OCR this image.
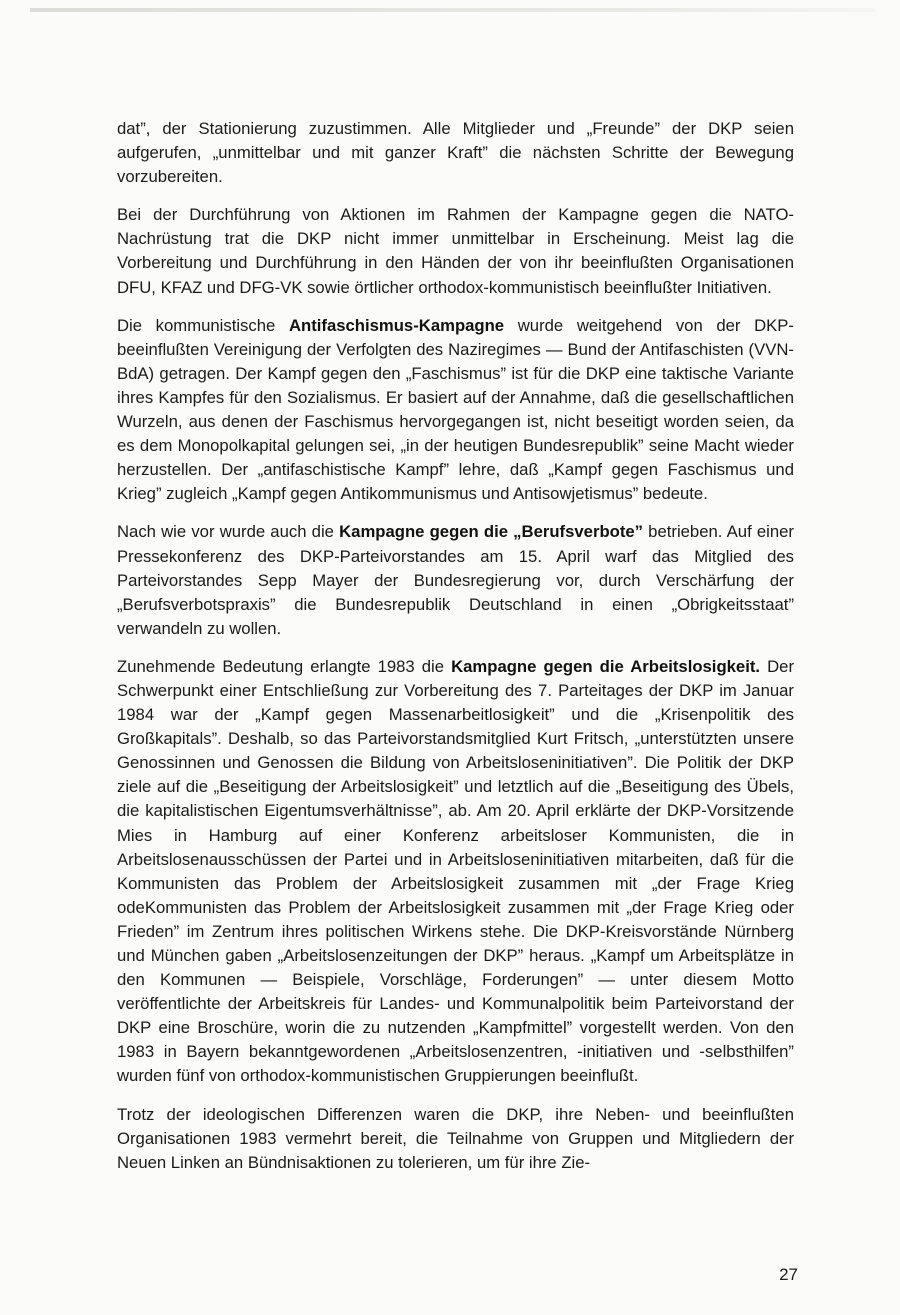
dat”, der Stationierung zuzustimmen. Alle Mitglieder und „Freunde” der DKP seien aufgerufen, „unmittelbar und mit ganzer Kraft” die nächsten Schritte der Bewegung vorzubereiten.

Bei der Durchführung von Aktionen im Rahmen der Kampagne gegen die NATO-Nachrüstung trat die DKP nicht immer unmittelbar in Erscheinung. Meist lag die Vorbereitung und Durchführung in den Händen der von ihr beeinflußten Organisationen DFU, KFAZ und DFG-VK sowie örtlicher orthodox-kommunistisch beeinflußter Initiativen.

Die kommunistische Antifaschismus-Kampagne wurde weitgehend von der DKP-beeinflußten Vereinigung der Verfolgten des Naziregimes — Bund der Antifaschisten (VVN-BdA) getragen. Der Kampf gegen den „Faschismus” ist für die DKP eine taktische Variante ihres Kampfes für den Sozialismus. Er basiert auf der Annahme, daß die gesellschaftlichen Wurzeln, aus denen der Faschismus hervorgegangen ist, nicht beseitigt worden seien, da es dem Monopolkapital gelungen sei, „in der heutigen Bundesrepublik” seine Macht wieder herzustellen. Der „antifaschistische Kampf” lehre, daß „Kampf gegen Faschismus und Krieg” zugleich „Kampf gegen Antikommunismus und Antisowjetismus” bedeute.

Nach wie vor wurde auch die Kampagne gegen die „Berufsverbote” betrieben. Auf einer Pressekonferenz des DKP-Parteivorstandes am 15. April warf das Mitglied des Parteivorstandes Sepp Mayer der Bundesregierung vor, durch Verschärfung der „Berufsverbotspraxis” die Bundesrepublik Deutschland in einen „Obrigkeitsstaat” verwandeln zu wollen.

Zunehmende Bedeutung erlangte 1983 die Kampagne gegen die Arbeitslosigkeit. Der Schwerpunkt einer Entschließung zur Vorbereitung des 7. Parteitages der DKP im Januar 1984 war der „Kampf gegen Massenarbeitlosigkeit” und die „Krisenpolitik des Großkapitals”. Deshalb, so das Parteivorstandsmitglied Kurt Fritsch, „unterstützten unsere Genossinnen und Genossen die Bildung von Arbeitsloseninitiativen”. Die Politik der DKP ziele auf die „Beseitigung der Arbeitslosigkeit” und letztlich auf die „Beseitigung des Übels, die kapitalistischen Eigentumsverhältnisse”, ab. Am 20. April erklärte der DKP-Vorsitzende Mies in Hamburg auf einer Konferenz arbeitsloser Kommunisten, die in Arbeitslosenausschüssen der Partei und in Arbeitsloseninitiativen mitarbeiten, daß für die Kommunisten das Problem der Arbeitslosigkeit zusammen mit „der Frage Krieg odeKommunisten das Problem der Arbeitslosigkeit zusammen mit „der Frage Krieg oder Frieden” im Zentrum ihres politischen Wirkens stehe. Die DKP-Kreisvorstände Nürnberg und München gaben „Arbeitslosenzeitungen der DKP” heraus. „Kampf um Arbeitsplätze in den Kommunen — Beispiele, Vorschläge, Forderungen” — unter diesem Motto veröffentlichte der Arbeitskreis für Landes- und Kommunalpolitik beim Parteivorstand der DKP eine Broschüre, worin die zu nutzenden „Kampfmittel” vorgestellt werden. Von den 1983 in Bayern bekanntgewordenen „Arbeitslosenzentren, -initiativen und -selbsthilfen” wurden fünf von orthodox-kommunistischen Gruppierungen beeinflußt.

Trotz der ideologischen Differenzen waren die DKP, ihre Neben- und beeinflußten Organisationen 1983 vermehrt bereit, die Teilnahme von Gruppen und Mitgliedern der Neuen Linken an Bündnisaktionen zu tolerieren, um für ihre Zie-

27
